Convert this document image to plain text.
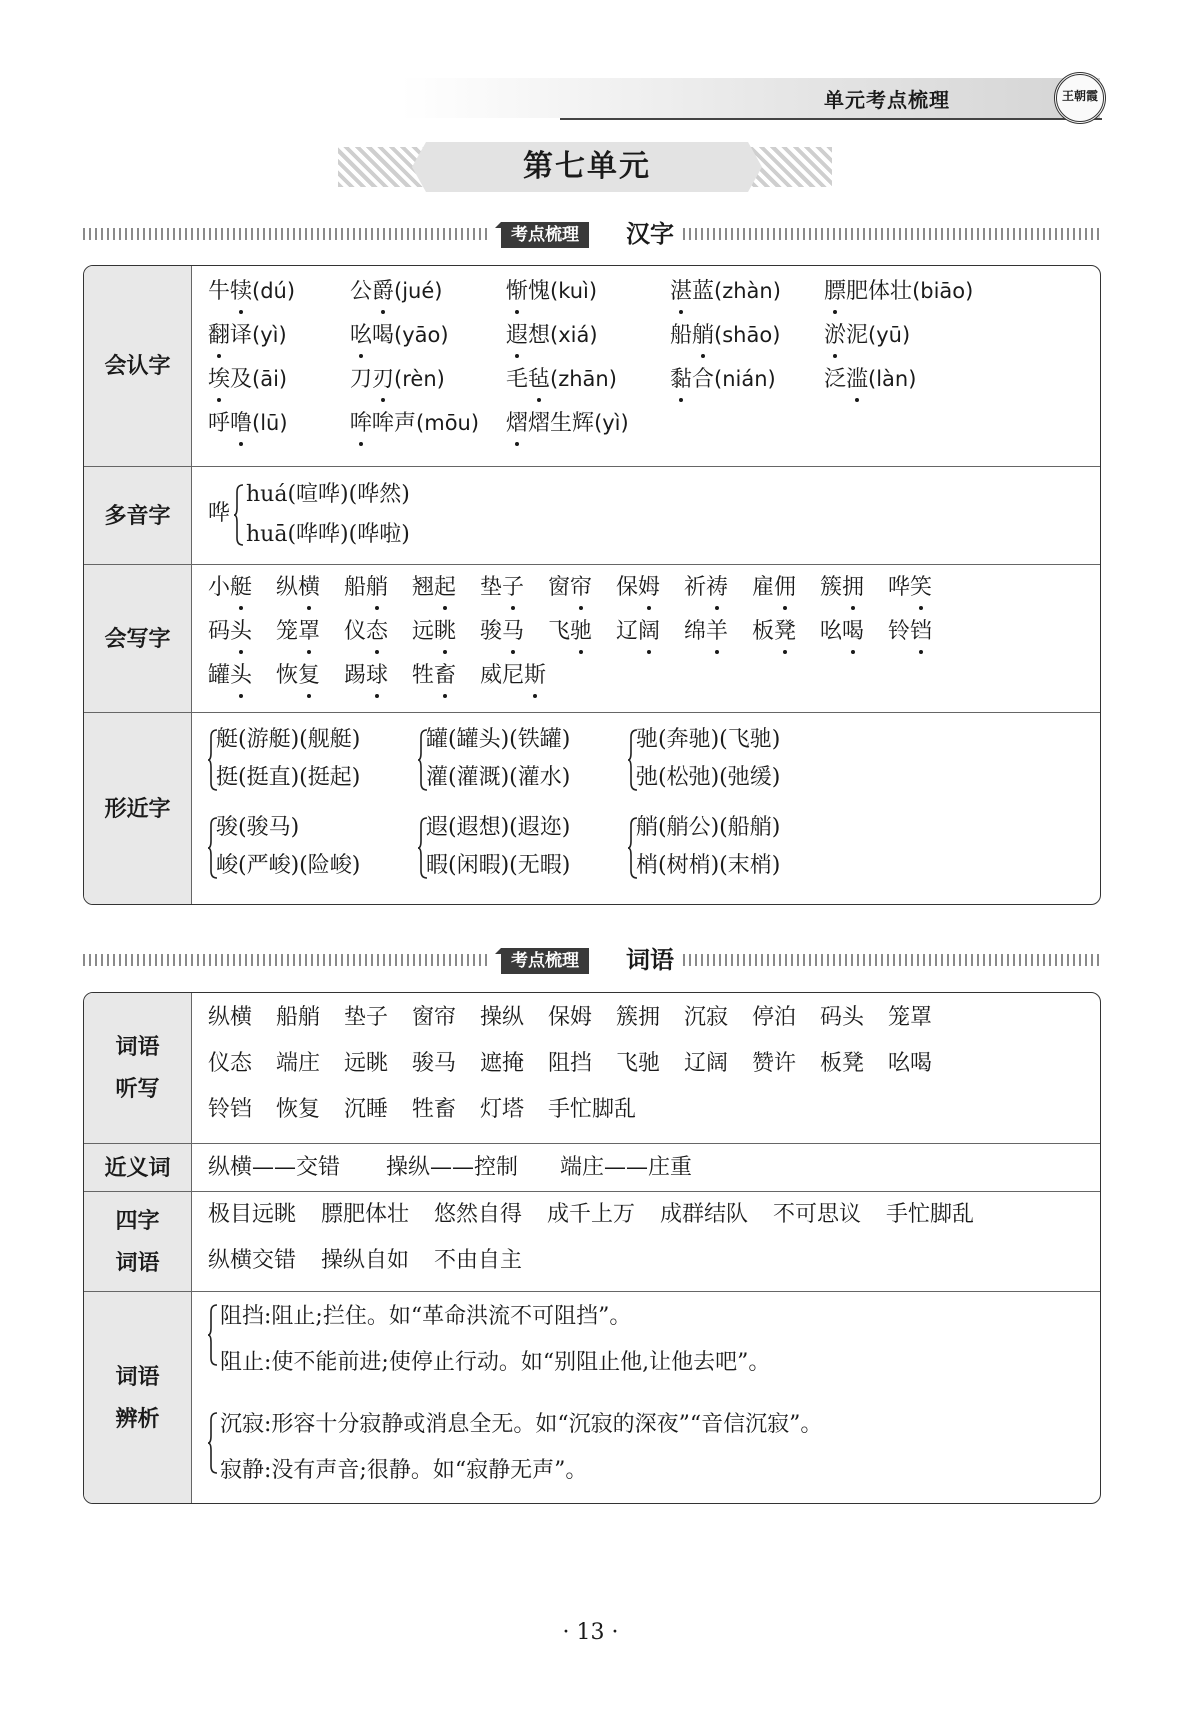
单元考点梳理	王朝霞
第七单元
考点梳理	汉字
会认字
牛犊(dú) 公爵(jué)	惭愧(kuì)	湛蓝(zhàn) 膘肥体壮(biāo)
翻译(yì)	吆喝(yāo)	遐想(xiá)	船艄(shāo) 淤泥(yū)
埃及(āi)	刀刃(rèn)	毛毡(zhān) 黏合(nián) 泛滥(làn)
呼噜(lū)	哞哞声(mōu) 熠熠生辉(yì)
多音字	哗
huá(喧哗)(哗然)
huā(哗哗)(哗啦)
会写字
小艇 纵横 船艄 翘起 垫子 窗帘 保姆 祈祷 雇佣 簇拥 哗笑
码头 笼罩 仪态 远眺 骏马 飞驰 辽阔 绵羊 板凳 吆喝 铃铛
罐头 恢复 踢球 牲畜 威尼斯
形近字
艇(游艇)(舰艇)
挺(挺直)(挺起)
罐(罐头)(铁罐)
灌(灌溉)(灌水)
驰(奔驰)(飞驰)
弛(松弛)(弛缓)
骏(骏马)
峻(严峻)(险峻)
遐(遐想)(遐迩)
暇(闲暇)(无暇)
艄(艄公)(船艄)
梢(树梢)(末梢)
考点梳理	词语
词语
听写
纵横 船艄 垫子 窗帘 操纵 保姆 簇拥 沉寂 停泊 码头 笼罩
仪态 端庄 远眺 骏马 遮掩 阻挡 飞驰 辽阔 赞许 板凳 吆喝
铃铛 恢复 沉睡 牲畜 灯塔 手忙脚乱
近义词	纵横——交错 操纵——控制 端庄——庄重
四字
词语
极目远眺 膘肥体壮 悠然自得 成千上万 成群结队 不可思议 手忙脚乱
纵横交错 操纵自如 不由自主
词语
辨析
阻挡:阻止;拦住。如“革命洪流不可阻挡”。
阻止:使不能前进;使停止行动。如“别阻止他,让他去吧”。
沉寂:形容十分寂静或消息全无。如“沉寂的深夜”“音信沉寂”。
寂静:没有声音;很静。如“寂静无声”。
· 13 ·
